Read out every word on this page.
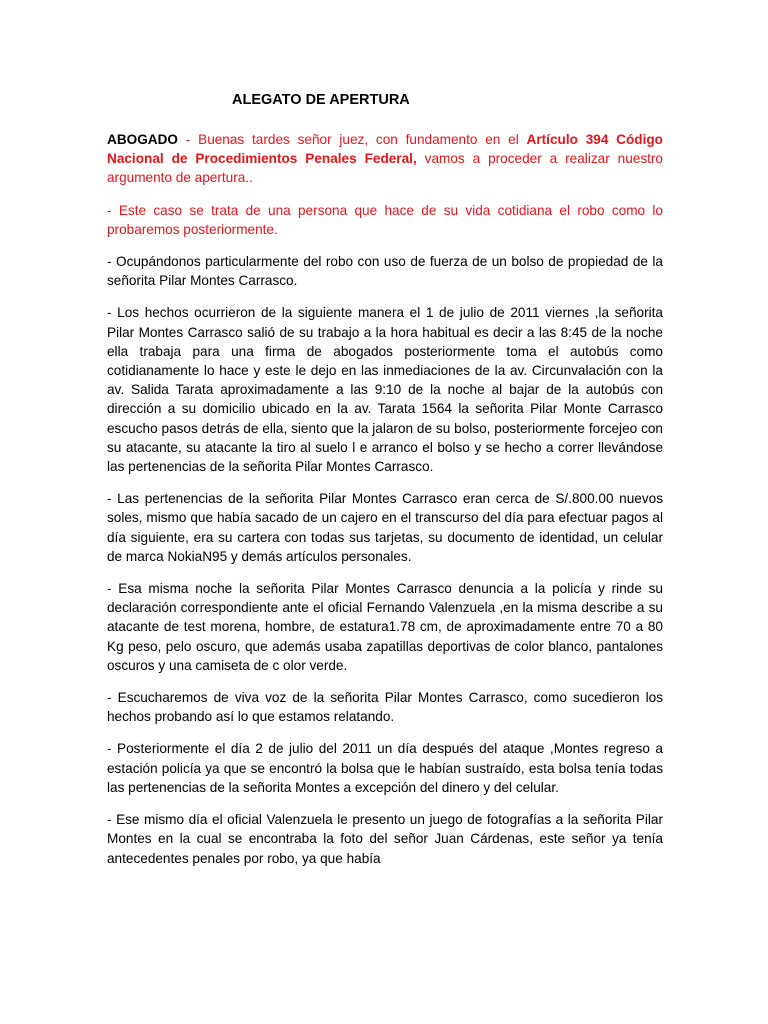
ALEGATO DE APERTURA

ABOGADO - Buenas tardes señor juez, con fundamento en el Artículo 394 Código Nacional de Procedimientos Penales Federal, vamos a proceder a realizar nuestro argumento de apertura..

- Este caso se trata de una persona que hace de su vida cotidiana el robo como lo probaremos posteriormente.

- Ocupándonos particularmente del robo con uso de fuerza de un bolso de propiedad de la señorita Pilar Montes Carrasco.

- Los hechos ocurrieron de la siguiente manera el 1 de julio de 2011 viernes ,la señorita Pilar Montes Carrasco salió de su trabajo a la hora habitual es decir a las 8:45 de la noche ella trabaja para una firma de abogados posteriormente toma el autobús como cotidianamente lo hace y este le dejo en las inmediaciones de la av. Circunvalación con la av. Salida Tarata aproximadamente a las 9:10 de la noche al bajar de la autobús con dirección a su domicilio ubicado en la av. Tarata 1564 la señorita Pilar Monte Carrasco escucho pasos detrás de ella, siento que la jalaron de su bolso, posteriormente forcejeo con su atacante, su atacante la tiro al suelo l e arranco el bolso y se hecho a correr llevándose las pertenencias de la señorita Pilar Montes Carrasco.

- Las pertenencias de la señorita Pilar Montes Carrasco eran cerca de S/.800.00 nuevos soles, mismo que había sacado de un cajero en el transcurso del día para efectuar pagos al día siguiente, era su cartera con todas sus tarjetas, su documento de identidad, un celular de marca NokiaN95 y demás artículos personales.

- Esa misma noche la señorita Pilar Montes Carrasco denuncia a la policía y rinde su declaración correspondiente ante el oficial Fernando Valenzuela ,en la misma describe a su atacante de test morena, hombre, de estatura1.78 cm, de aproximadamente entre 70 a 80 Kg peso, pelo oscuro, que además usaba zapatillas deportivas de color blanco, pantalones oscuros y una camiseta de c olor verde.

- Escucharemos de viva voz de la señorita Pilar Montes Carrasco, como sucedieron los hechos probando así lo que estamos relatando.

- Posteriormente el día 2 de julio del 2011 un día después del ataque ,Montes regreso a estación policía ya que se encontró la bolsa que le habían sustraído, esta bolsa tenía todas las pertenencias de la señorita Montes a excepción del dinero y del celular.

- Ese mismo día el oficial Valenzuela le presento un juego de fotografías a la señorita Pilar Montes en la cual se encontraba la foto del señor Juan Cárdenas, este señor ya tenía antecedentes penales por robo, ya que había
